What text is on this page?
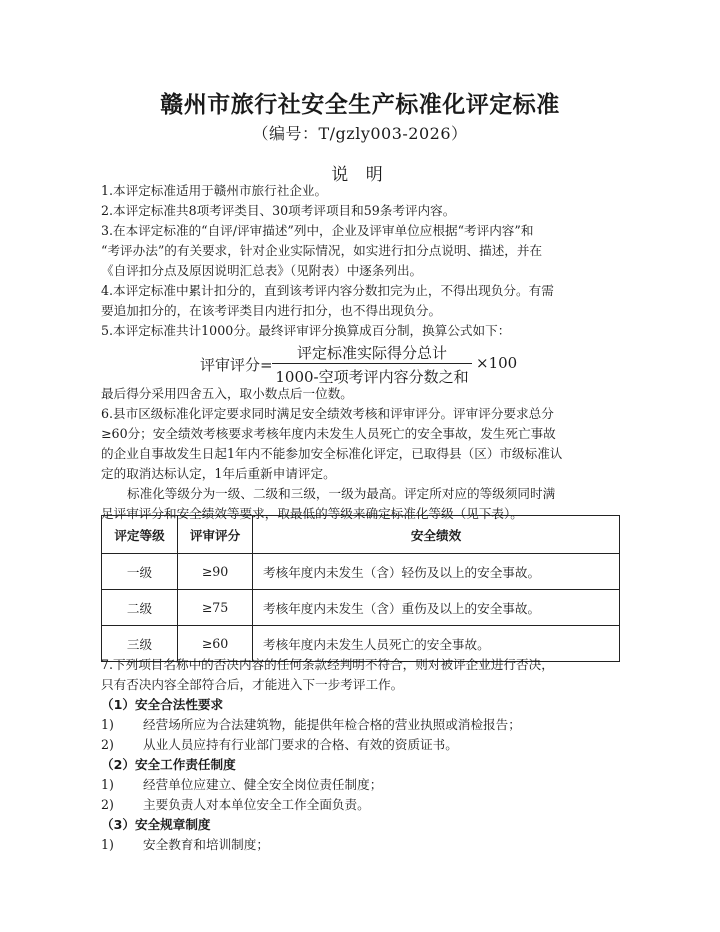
赣州市旅行社安全生产标准化评定标准
（编号：T/gzly003-2026）
说 明
1.本评定标准适用于赣州市旅行社企业。
2.本评定标准共8项考评类目、30项考评项目和59条考评内容。
3.在本评定标准的“自评/评审描述”列中，企业及评审单位应根据“考评内容”和
“考评办法”的有关要求，针对企业实际情况，如实进行扣分点说明、描述，并在
《自评扣分点及原因说明汇总表》（见附表）中逐条列出。
4.本评定标准中累计扣分的，直到该考评内容分数扣完为止，不得出现负分。有需
要追加扣分的，在该考评类目内进行扣分，也不得出现负分。
5.本评定标准共计1000分。最终评审评分换算成百分制，换算公式如下：
评审评分=
评定标准实际得分总计
1000-空项考评内容分数之和
×100
最后得分采用四舍五入，取小数点后一位数。
6.县市区级标准化评定要求同时满足安全绩效考核和评审评分。评审评分要求总分
≥60分；安全绩效考核要求考核年度内未发生人员死亡的安全事故，发生死亡事故
的企业自事故发生日起1年内不能参加安全标准化评定，已取得县（区）市级标准认
定的取消达标认定，1年后重新申请评定。
标准化等级分为一级、二级和三级，一级为最高。评定所对应的等级须同时满
足评审评分和安全绩效等要求，取最低的等级来确定标准化等级（见下表）。
评定等级	评审评分	安全绩效
一级	≥90	考核年度内未发生（含）轻伤及以上的安全事故。
二级	≥75	考核年度内未发生（含）重伤及以上的安全事故。
三级	≥60	考核年度内未发生人员死亡的安全事故。
7.下列项目名称中的否决内容的任何条款经判明不符合，则对被评企业进行否决，
只有否决内容全部符合后，才能进入下一步考评工作。
（1）安全合法性要求
1) 经营场所应为合法建筑物，能提供年检合格的营业执照或消检报告；
2) 从业人员应持有行业部门要求的合格、有效的资质证书。
（2）安全工作责任制度
1) 经营单位应建立、健全安全岗位责任制度；
2) 主要负责人对本单位安全工作全面负责。
（3）安全规章制度
1) 安全教育和培训制度；
